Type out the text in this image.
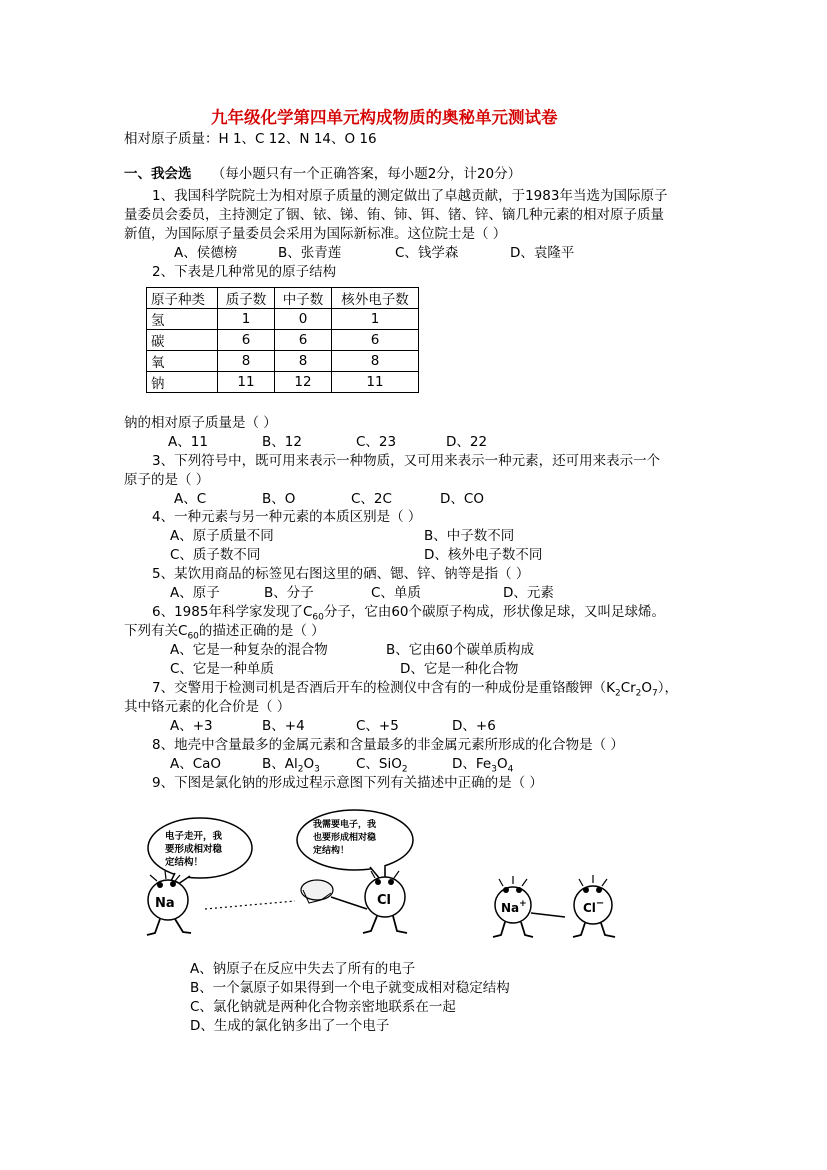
九年级化学第四单元构成物质的奥秘单元测试卷
相对原子质量：H 1、C 12、N 14、O 16
一、我会选 （每小题只有一个正确答案，每小题2分，计20分）
1、我国科学院院士为相对原子质量的测定做出了卓越贡献，于1983年当选为国际原子
量委员会委员，主持测定了铟、铱、锑、铕、铈、铒、锗、锌、镝几种元素的相对原子质量
新值，为国际原子量委员会采用为国际新标准。这位院士是（ ）
A、侯德榜	B、张青莲	C、钱学森	D、袁隆平
2、下表是几种常见的原子结构
原子种类	质子数	中子数	核外电子数
氢	1	0	1
碳	6	6	6
氧	8	8	8
钠	11	12	11
钠的相对原子质量是（ ）
A、11	B、12	C、23	D、22
3、下列符号中，既可用来表示一种物质，又可用来表示一种元素，还可用来表示一个
原子的是（ ）
A、C	B、O	C、2C	D、CO
4、一种元素与另一种元素的本质区别是（ ）
A、原子质量不同	B、中子数不同
C、质子数不同	D、核外电子数不同
5、某饮用商品的标签见右图这里的硒、锶、锌、钠等是指（ ）
A、原子	B、分子	C、单质	D、元素
6、1985年科学家发现了$C_{60}$分子，它由60个碳原子构成，形状像足球，又叫足球烯。
下列有关$C_{60}$的描述正确的是（ ）
A、它是一种复杂的混合物	B、它由60个碳单质构成
C、它是一种单质	D、它是一种化合物
7、交警用于检测司机是否酒后开车的检测仪中含有的一种成份是重铬酸钾$(K_2Cr_2O_7)$，
其中铬元素的化合价是（ ）
A、+3	B、+4	C、+5	D、+6
8、地壳中含量最多的金属元素和含量最多的非金属元素所形成的化合物是（ ）
A、CaO	B、$Al_2O_3$	C、SiO$_2$	D、$Fe_3O_4$
9、下图是氯化钠的形成过程示意图下列有关描述中正确的是（ ）
电子走开，我
要形成相对稳
定结构！
我需要电子，我
也要形成相对稳
定结构！
Na	Cl	Na+	Cl−
A、钠原子在反应中失去了所有的电子
B、一个氯原子如果得到一个电子就变成相对稳定结构
C、氯化钠就是两种化合物亲密地联系在一起
D、生成的氯化钠多出了一个电子
